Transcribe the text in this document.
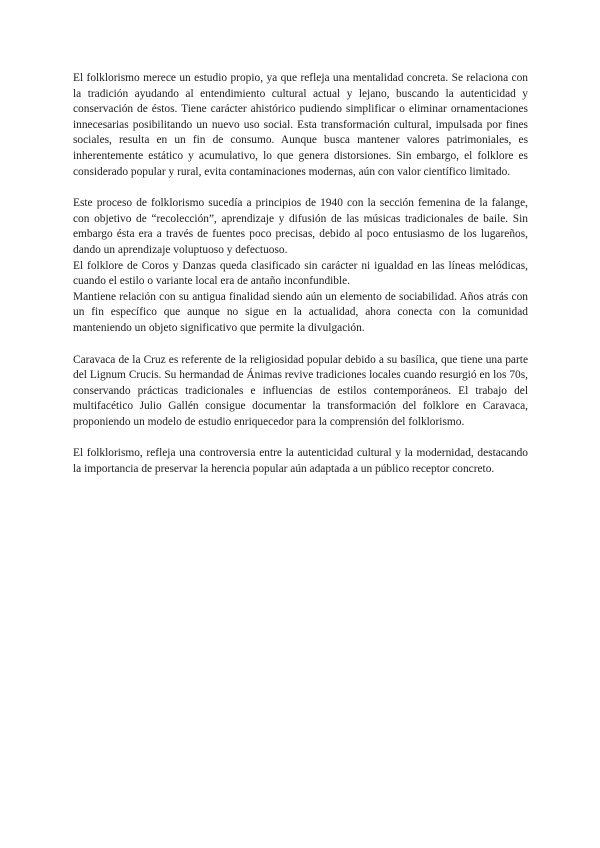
El folklorismo merece un estudio propio, ya que refleja una mentalidad concreta. Se relaciona con la tradición ayudando al entendimiento cultural actual y lejano, buscando la autenticidad y conservación de éstos. Tiene carácter ahistórico pudiendo simplificar o eliminar ornamentaciones innecesarias posibilitando un nuevo uso social. Esta transformación cultural, impulsada por fines sociales, resulta en un fin de consumo. Aunque busca mantener valores patrimoniales, es inherentemente estático y acumulativo, lo que genera distorsiones. Sin embargo, el folklore es considerado popular y rural, evita contaminaciones modernas, aún con valor científico limitado.

Este proceso de folklorismo sucedía a principios de 1940 con la sección femenina de la falange, con objetivo de “recolección”, aprendizaje y difusión de las músicas tradicionales de baile. Sin embargo ésta era a través de fuentes poco precisas, debido al poco entusiasmo de los lugareños, dando un aprendizaje voluptuoso y defectuoso.

El folklore de Coros y Danzas queda clasificado sin carácter ni igualdad en las líneas melódicas, cuando el estilo o variante local era de antaño inconfundible.

Mantiene relación con su antigua finalidad siendo aún un elemento de sociabilidad. Años atrás con un fin específico que aunque no sigue en la actualidad, ahora conecta con la comunidad manteniendo un objeto significativo que permite la divulgación.

Caravaca de la Cruz es referente de la religiosidad popular debido a su basílica, que tiene una parte del Lignum Crucis. Su hermandad de Ánimas revive tradiciones locales cuando resurgió en los 70s, conservando prácticas tradicionales e influencias de estilos contemporáneos. El trabajo del multifacético Julio Gallén consigue documentar la transformación del folklore en Caravaca, proponiendo un modelo de estudio enriquecedor para la comprensión del folklorismo.

El folklorismo, refleja una controversia entre la autenticidad cultural y la modernidad, destacando la importancia de preservar la herencia popular aún adaptada a un público receptor concreto.
